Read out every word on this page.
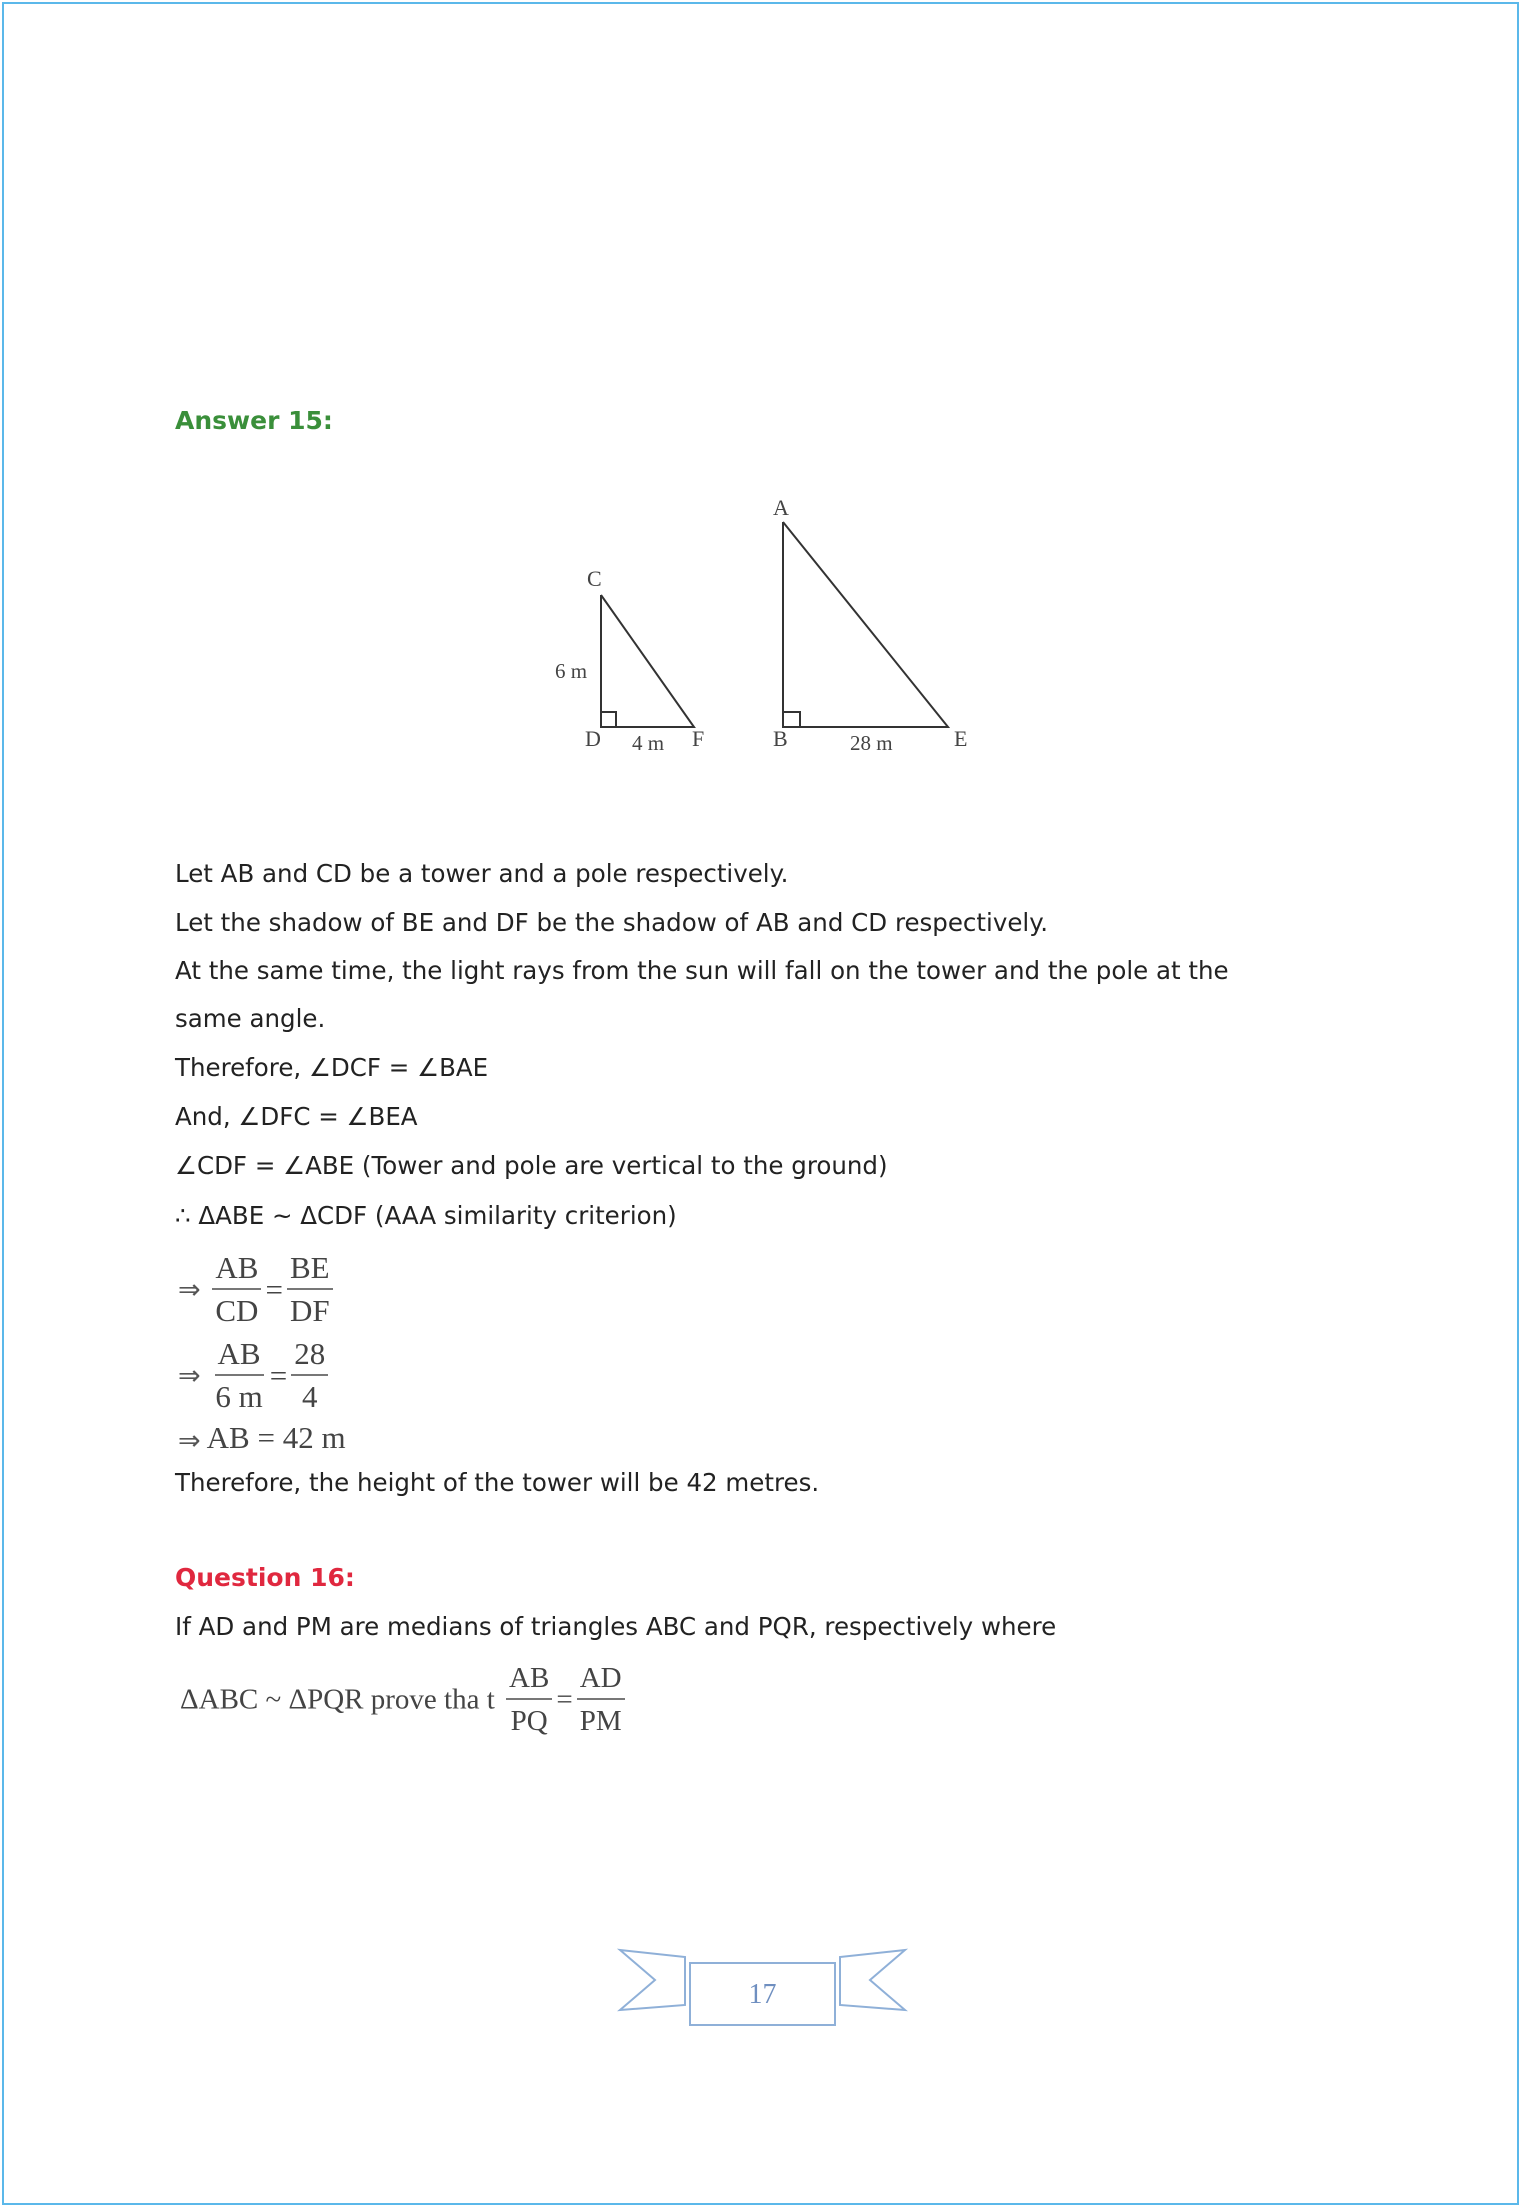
Answer 15:
C
D	F
6 m
4 m
A
B	E
28 m
Let AB and CD be a tower and a pole respectively.
Let the shadow of BE and DF be the shadow of AB and CD respectively.
At the same time, the light rays from the sun will fall on the tower and the pole at the
same angle.
Therefore, ∠DCF = ∠BAE
And, ∠DFC = ∠BEA
∠CDF = ∠ABE (Tower and pole are vertical to the ground)
∴ ΔABE ~ ΔCDF (AAA similarity criterion)
⇒ $\frac{AB}{CD} = \frac{BE}{DF}$
⇒ $\frac{AB}{6 m} = \frac{28}{4}$
⇒ AB = 42 m
Therefore, the height of the tower will be 42 metres.
Question 16:
If AD and PM are medians of triangles ABC and PQR, respectively where
ΔABC ~ ΔPQR prove tha t $\frac{AB}{PQ} = \frac{AD}{PM}$
17
